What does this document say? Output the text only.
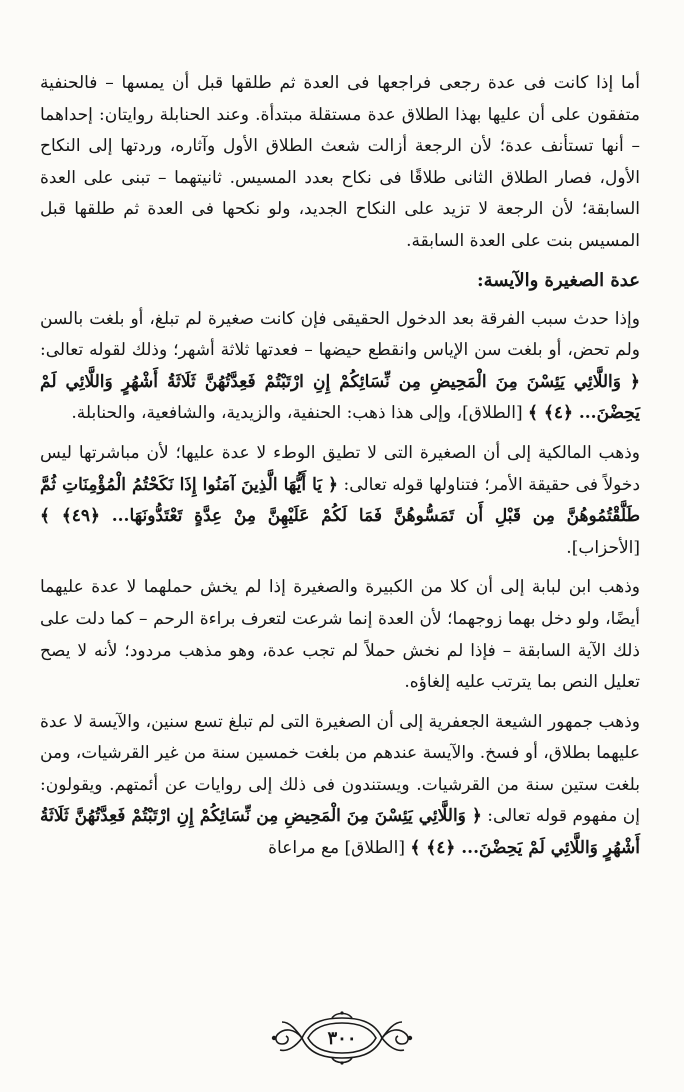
أما إذا كانت فى عدة رجعى فراجعها فى العدة ثم طلقها قبل أن يمسها – فالحنفية متفقون على أن عليها بهذا الطلاق عدة مستقلة مبتدأة. وعند الحنابلة روايتان: إحداهما – أنها تستأنف عدة؛ لأن الرجعة أزالت شعث الطلاق الأول وآثاره، وردتها إلى النكاح الأول، فصار الطلاق الثانى طلاقًا فى نكاح بعدد المسيس. ثانيتهما – تبنى على العدة السابقة؛ لأن الرجعة لا تزيد على النكاح الجديد، ولو نكحها فى العدة ثم طلقها قبل المسيس بنت على العدة السابقة.

عدة الصغيرة والآيسة:

وإذا حدث سبب الفرقة بعد الدخول الحقيقى فإن كانت صغيرة لم تبلغ، أو بلغت بالسن ولم تحض، أو بلغت سن الإياس وانقطع حيضها – فعدتها ثلاثة أشهر؛ وذلك لقوله تعالى: ﴿ وَاللَّائِي يَئِسْنَ مِنَ الْمَحِيضِ مِن نِّسَائِكُمْ إِنِ ارْتَبْتُمْ فَعِدَّتُهُنَّ ثَلَاثَةُ أَشْهُرٍ وَاللَّائِي لَمْ يَحِضْنَ... ﴿٤﴾ ﴾ [الطلاق]، وإلى هذا ذهب: الحنفية، والزيدية، والشافعية، والحنابلة.

وذهب المالكية إلى أن الصغيرة التى لا تطيق الوطء لا عدة عليها؛ لأن مباشرتها ليس دخولاً فى حقيقة الأمر؛ فتناولها قوله تعالى: ﴿ يَا أَيُّهَا الَّذِينَ آمَنُوا إِذَا نَكَحْتُمُ الْمُؤْمِنَاتِ ثُمَّ طَلَّقْتُمُوهُنَّ مِن قَبْلِ أَن تَمَسُّوهُنَّ فَمَا لَكُمْ عَلَيْهِنَّ مِنْ عِدَّةٍ تَعْتَدُّونَهَا... ﴿٤٩﴾ ﴾ [الأحزاب].

وذهب ابن لبابة إلى أن كلا من الكبيرة والصغيرة إذا لم يخش حملهما لا عدة عليهما أيضًا، ولو دخل بهما زوجهما؛ لأن العدة إنما شرعت لتعرف براءة الرحم – كما دلت على ذلك الآية السابقة – فإذا لم نخش حملاً لم تجب عدة، وهو مذهب مردود؛ لأنه لا يصح تعليل النص بما يترتب عليه إلغاؤه.

وذهب جمهور الشيعة الجعفرية إلى أن الصغيرة التى لم تبلغ تسع سنين، والآيسة لا عدة عليهما بطلاق، أو فسخ. والآيسة عندهم من بلغت خمسين سنة من غير القرشيات، ومن بلغت ستين سنة من القرشيات. ويستندون فى ذلك إلى روايات عن أئمتهم. ويقولون: إن مفهوم قوله تعالى: ﴿ وَاللَّائِي يَئِسْنَ مِنَ الْمَحِيضِ مِن نِّسَائِكُمْ إِنِ ارْتَبْتُمْ فَعِدَّتُهُنَّ ثَلَاثَةُ أَشْهُرٍ وَاللَّائِي لَمْ يَحِضْنَ... ﴿٤﴾ ﴾ [الطلاق] مع مراعاة

٣٠٠
